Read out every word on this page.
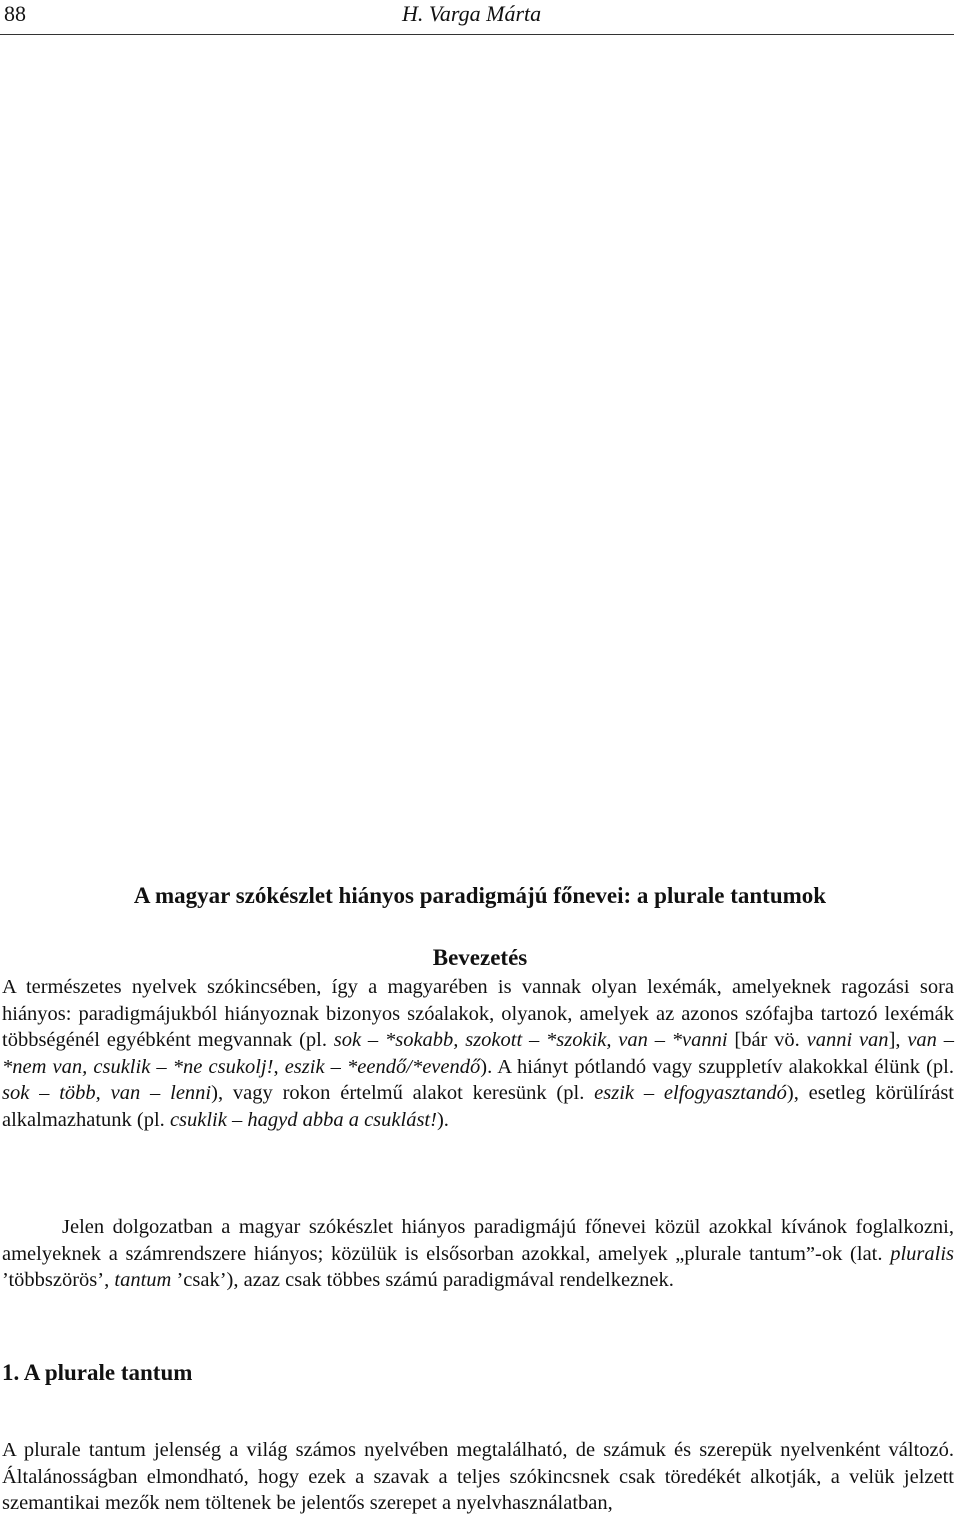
88	H. Varga Márta
A magyar szókészlet hiányos paradigmájú főnevei: a plurale tantumok
Bevezetés

A természetes nyelvek szókincsében, így a magyarében is vannak olyan lexémák, amelyeknek ragozási sora hiányos: paradigmájukból hiányoznak bizonyos szóalakok, olyanok, amelyek az azonos szófajba tartozó lexémák többségénél egyébként megvannak (pl. sok – *sokabb, szokott – *szokik, van – *vanni [bár vö. vanni van], van – *nem van, csuklik – *ne csukolj!, eszik – *eendő/*evendő). A hiányt pótlandó vagy szuppletív alakokkal élünk (pl. sok – több, van – lenni), vagy rokon értelmű alakot keresünk (pl. eszik – elfogyasztandó), esetleg körülírást alkalmazhatunk (pl. csuklik – hagyd abba a csuklást!).

Jelen dolgozatban a magyar szókészlet hiányos paradigmájú főnevei közül azokkal kívánok foglalkozni, amelyeknek a számrendszere hiányos; közülük is elsősorban azokkal, amelyek „plurale tantum”-ok (lat. pluralis ’többszörös’, tantum ’csak’), azaz csak többes számú paradigmával rendelkeznek.

1. A plurale tantum

A plurale tantum jelenség a világ számos nyelvében megtalálható, de számuk és szerepük nyelvenként változó. Általánosságban elmondható, hogy ezek a szavak a teljes szókincsnek csak töredékét alkotják, a velük jelzett szemantikai mezők nem töltenek be jelentős szerepet a nyelvhasználatban,
